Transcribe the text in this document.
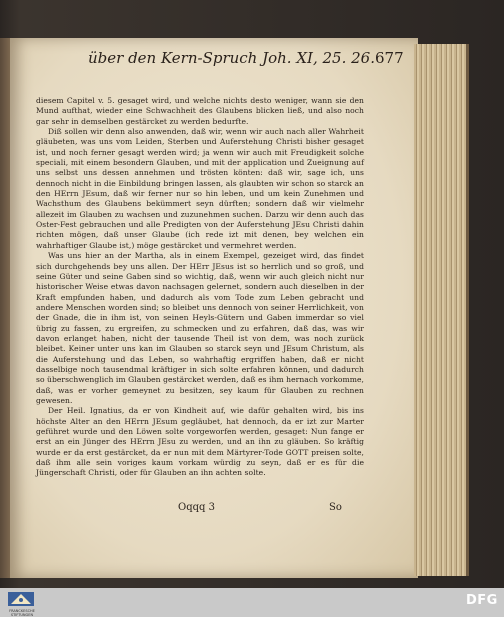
über den Kern-Spruch Joh. XI, 25. 26. 677

diesem Capitel v. 5. gesaget wird, und welche nichts desto weniger, wann sie den Mund aufthat, wieder eine Schwachheit des Glaubens blicken ließ, und also noch gar sehr in demselben gestärcket zu werden bedurfte.

Diß sollen wir denn also anwenden, daß wir, wenn wir auch nach aller Wahrheit gläubeten, was uns vom Leiden, Sterben und Auferstehung Christi bisher gesaget ist, und noch ferner gesagt werden wird; ja wenn wir auch mit Freudigkeit solche speciali, mit einem besondern Glauben, und mit der application und Zueignung auf uns selbst uns dessen annehmen und trösten könten: daß wir, sage ich, uns dennoch nicht in die Einbildung bringen lassen, als glaubten wir schon so starck an den HErrn JEsum, daß wir ferner nur so hin leben, und um kein Zunehmen und Wachsthum des Glaubens bekümmert seyn dürften; sondern daß wir vielmehr allezeit im Glauben zu wachsen und zuzunehmen suchen. Darzu wir denn auch das Oster-Fest gebrauchen und alle Predigten von der Auferstehung JEsu Christi dahin richten mögen, daß unser Glaube (ich rede izt mit denen, bey welchen ein wahrhaftiger Glaube ist,) möge gestärcket und vermehret werden.

Was uns hier an der Martha, als in einem Exempel, gezeiget wird, das findet sich durchgehends bey uns allen. Der HErr JEsus ist so herrlich und so groß, und seine Güter und seine Gaben sind so wichtig, daß, wenn wir auch gleich nicht nur historischer Weise etwas davon nachsagen gelernet, sondern auch dieselben in der Kraft empfunden haben, und dadurch als vom Tode zum Leben gebracht und andere Menschen worden sind; so bleibet uns dennoch von seiner Herrlichkeit, von der Gnade, die in ihm ist, von seinen Heyls-Gütern und Gaben immerdar so viel übrig zu fassen, zu ergreifen, zu schmecken und zu erfahren, daß das, was wir davon erlanget haben, nicht der tausende Theil ist von dem, was noch zurück bleibet. Keiner unter uns kan im Glauben so starck seyn und JEsum Christum, als die Auferstehung und das Leben, so wahrhaftig ergriffen haben, daß er nicht dasselbige noch tausendmal kräftiger in sich solte erfahren können, und dadurch so überschwenglich im Glauben gestärcket werden, daß es ihm hernach vorkomme, daß, was er vorher gemeynet zu besitzen, sey kaum für Glauben zu rechnen gewesen.

Der Heil. Ignatius, da er von Kindheit auf, wie dafür gehalten wird, bis ins höchste Alter an den HErrn JEsum gegläubet, hat dennoch, da er izt zur Marter geführet wurde und den Löwen solte vorgeworfen werden, gesaget: Nun fange er erst an ein Jünger des HErrn JEsu zu werden, und an ihn zu gläuben. So kräftig wurde er da erst gestärcket, da er nun mit dem Märtyrer-Tode GOTT preisen solte, daß ihm alle sein voriges kaum vorkam würdig zu seyn, daß er es für die Jüngerschaft Christi, oder für Glauben an ihn achten solte.

Oqqq 3	So
FRANCKESCHE STIFTUNGEN
DFG
